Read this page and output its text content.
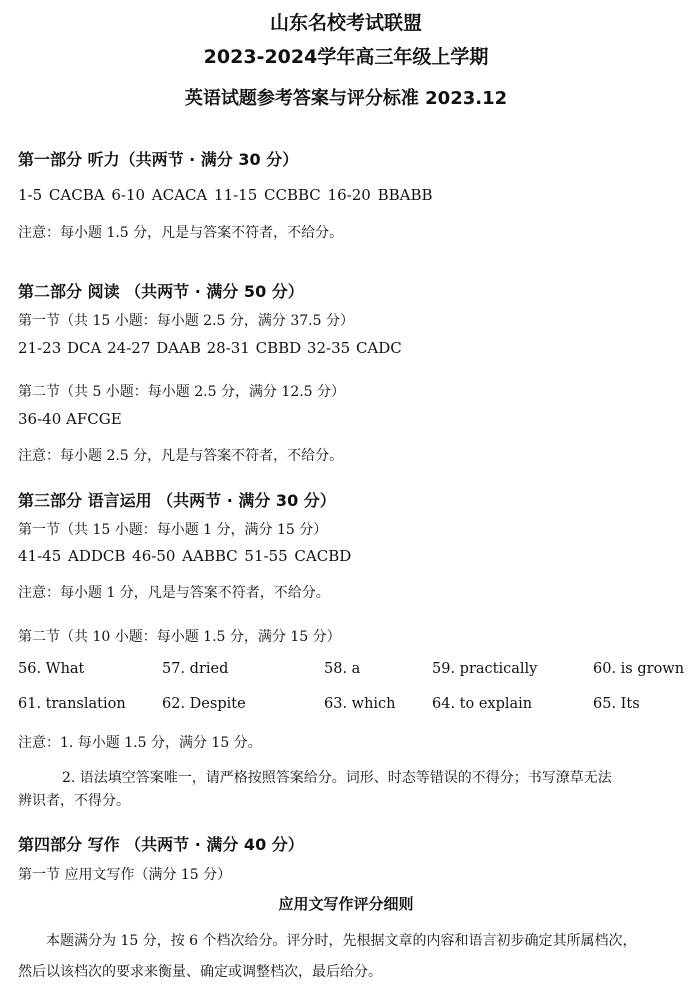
山东名校考试联盟
2023-2024学年高三年级上学期
英语试题参考答案与评分标准 2023.12
第一部分 听力（共两节 · 满分 30 分）
1-5 CACBA 6-10 ACACA 11-15 CCBBC 16-20 BBABB
注意：每小题 1.5 分，凡是与答案不符者，不给分。
第二部分 阅读 （共两节 · 满分 50 分）
第一节（共 15 小题：每小题 2.5 分，满分 37.5 分）
21-23 DCA 24-27 DAAB 28-31 CBBD 32-35 CADC
第二节（共 5 小题：每小题 2.5 分，满分 12.5 分）
36-40 AFCGE
注意：每小题 2.5 分，凡是与答案不符者，不给分。
第三部分 语言运用 （共两节 · 满分 30 分）
第一节（共 15 小题：每小题 1 分，满分 15 分）
41-45 ADDCB 46-50 AABBC 51-55 CACBD
注意：每小题 1 分，凡是与答案不符者，不给分。
第二节（共 10 小题：每小题 1.5 分，满分 15 分）
56. What	57. dried	58. a	59. practically	60. is grown
61. translation	62. Despite	63. which	64. to explain	65. Its
注意：1. 每小题 1.5 分，满分 15 分。
2. 语法填空答案唯一，请严格按照答案给分。词形、时态等错误的不得分；书写潦草无法
辨识者，不得分。
第四部分 写作 （共两节 · 满分 40 分）
第一节 应用文写作（满分 15 分）
应用文写作评分细则
本题满分为 15 分，按 6 个档次给分。评分时，先根据文章的内容和语言初步确定其所属档次，
然后以该档次的要求来衡量、确定或调整档次，最后给分。
